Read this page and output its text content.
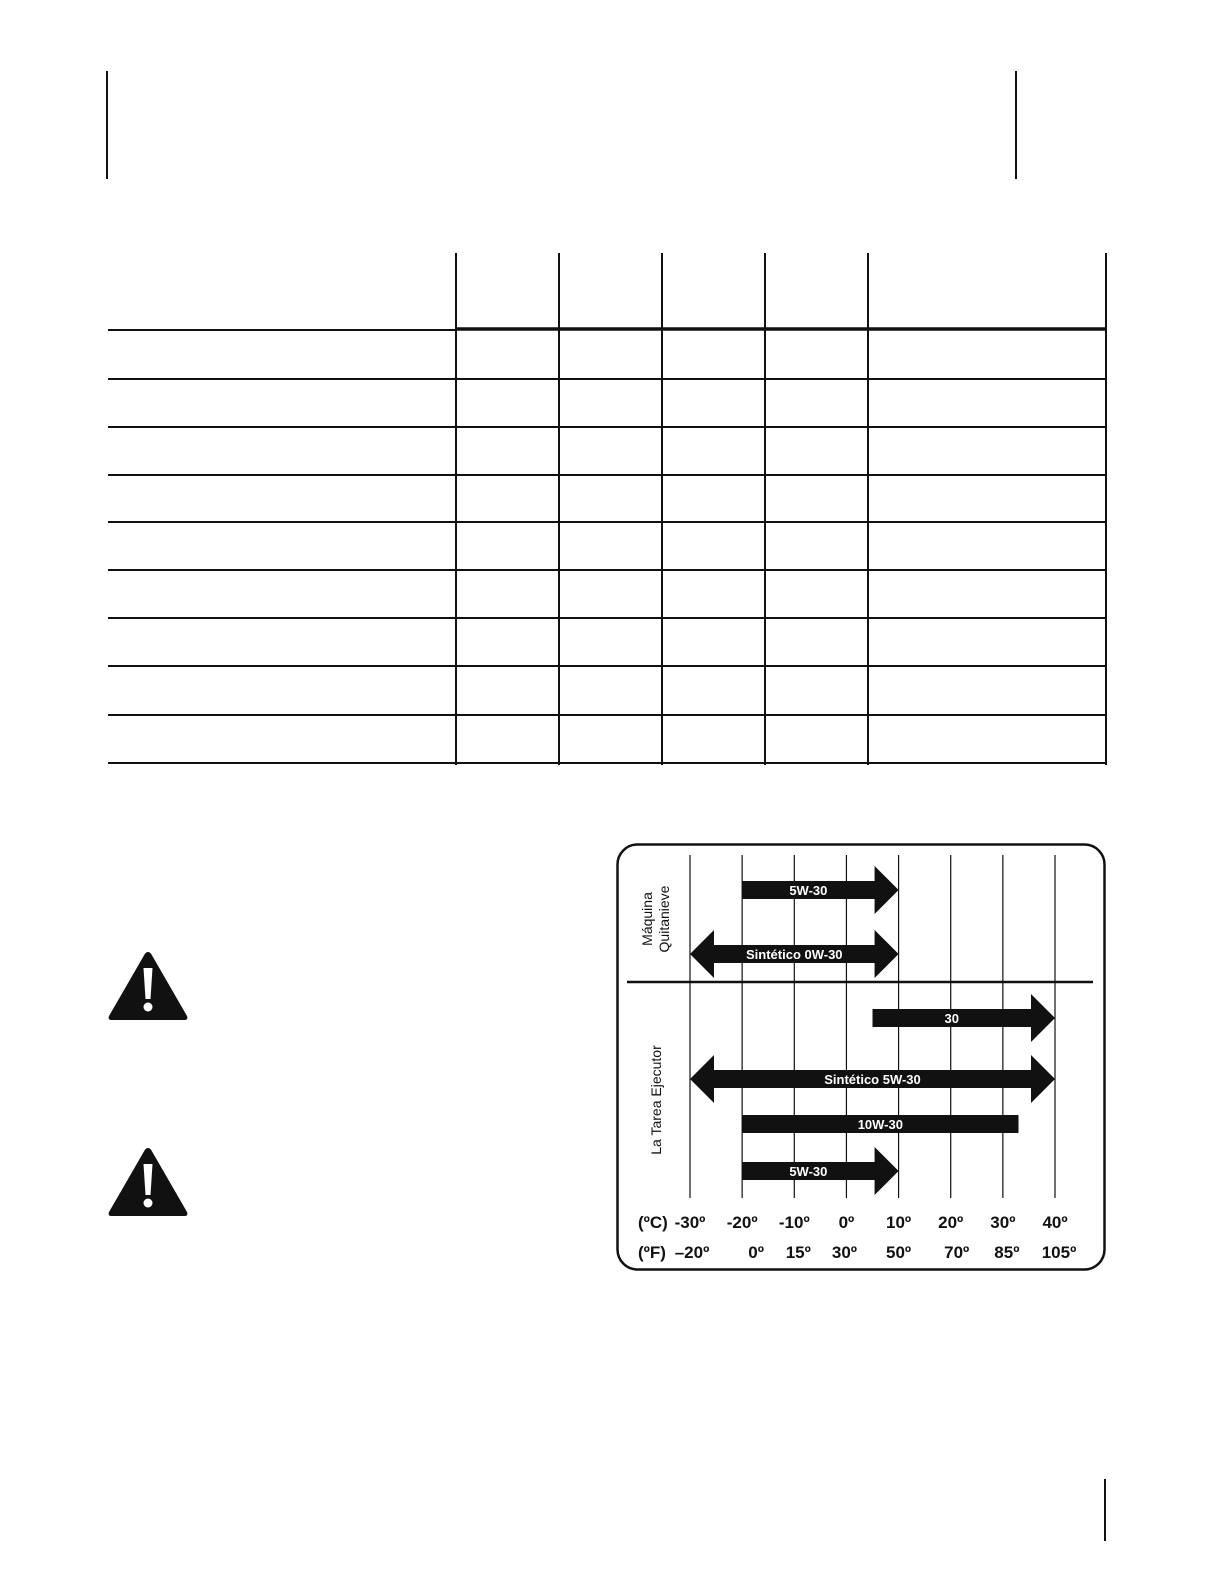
Máquina Quitanieve
La Tarea Ejecutor
5W-30
Sintético 0W-30
30
Sintético 5W-30
10W-30
5W-30
(ºC)
(ºF)
-30º -20º -10º 0º 10º 20º 30º 40º
–20º 0º 15º 30º 50º 70º 85º 105º
